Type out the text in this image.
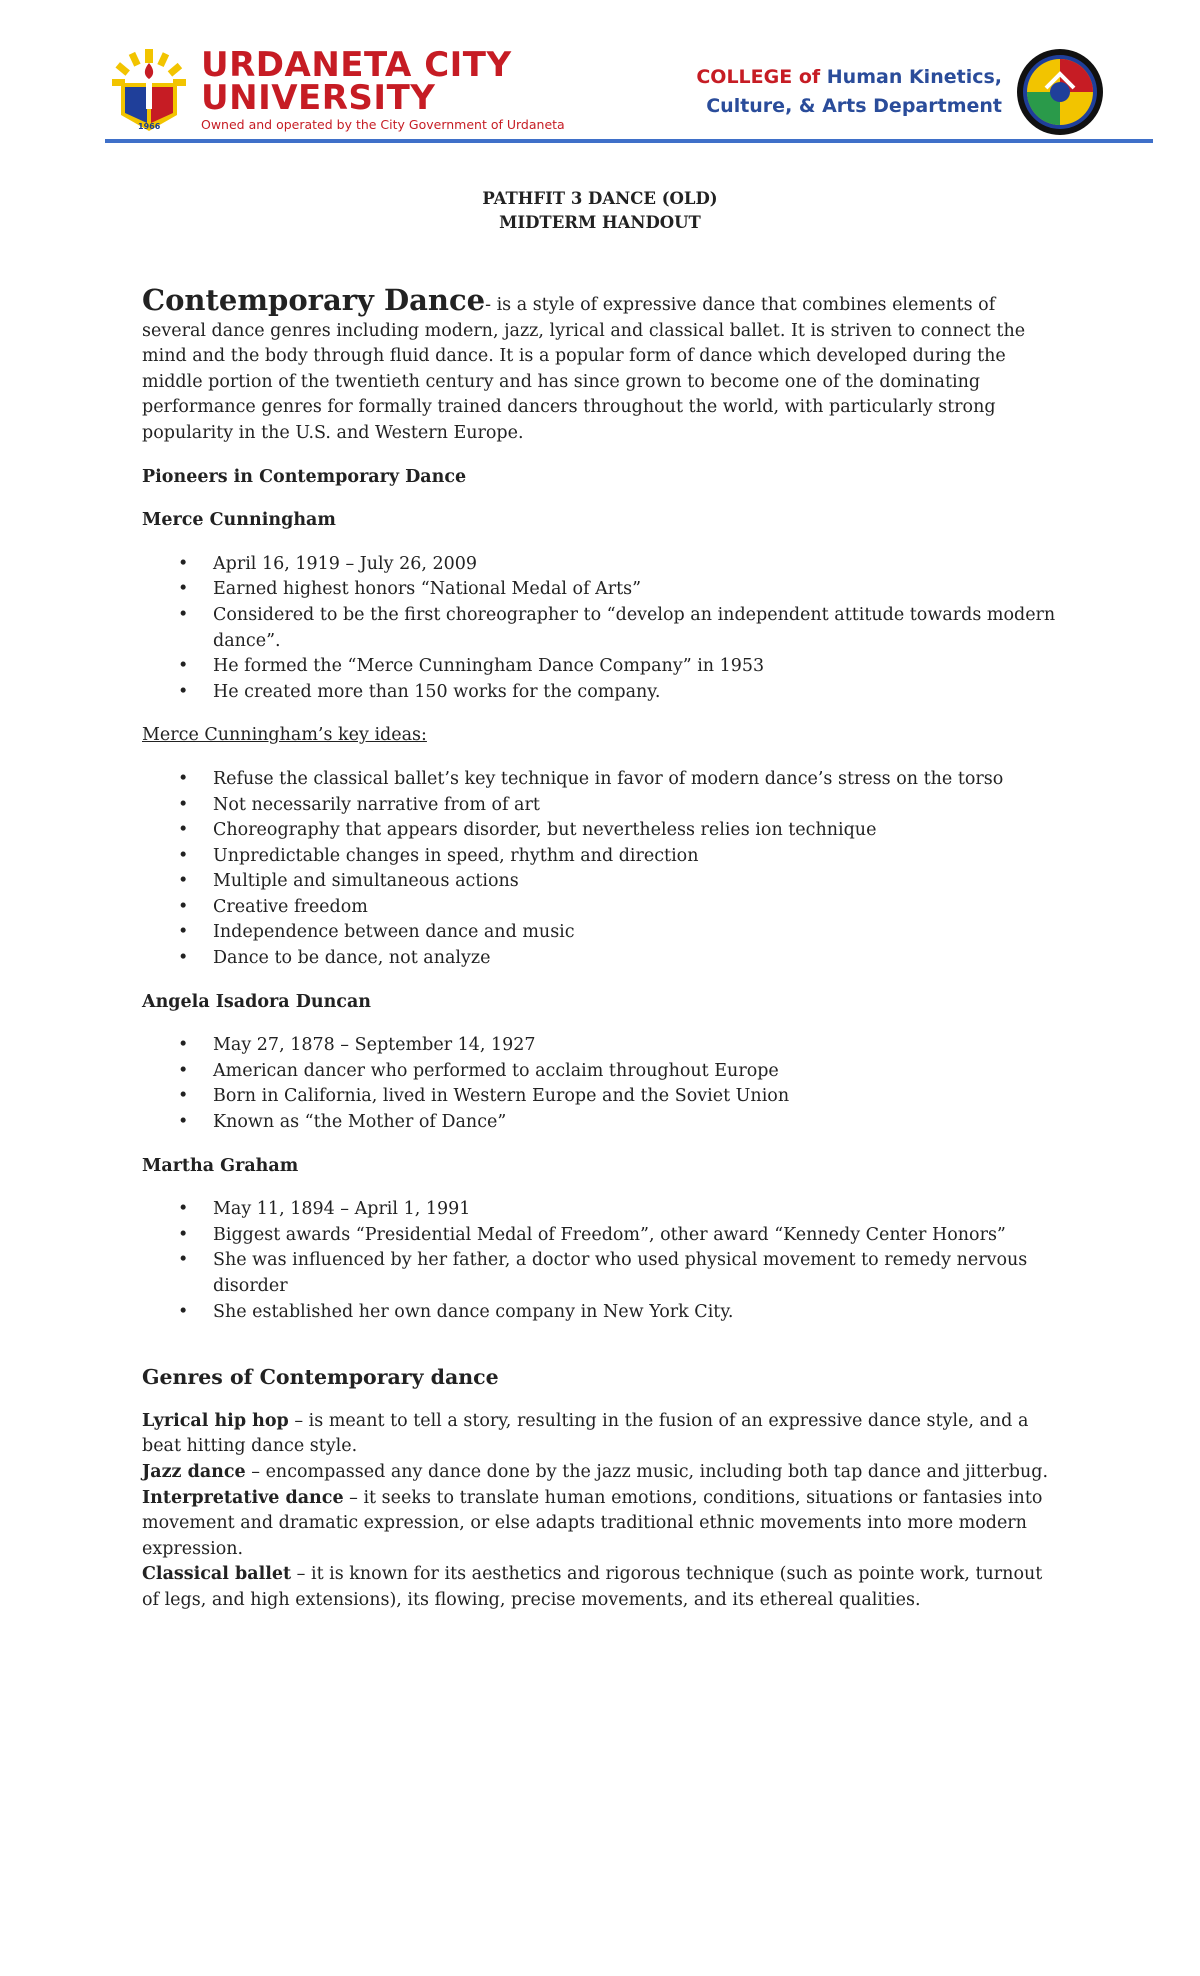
1966
URDANETA CITY
UNIVERSITY
Owned and operated by the City Government of Urdaneta
COLLEGE of Human Kinetics,
Culture, & Arts Department
PATHFIT 3 DANCE (OLD)
MIDTERM HANDOUT

Contemporary Dance- is a style of expressive dance that combines elements of several dance genres including modern, jazz, lyrical and classical ballet. It is striven to connect the mind and the body through fluid dance. It is a popular form of dance which developed during the middle portion of the twentieth century and has since grown to become one of the dominating performance genres for formally trained dancers throughout the world, with particularly strong popularity in the U.S. and Western Europe.

Pioneers in Contemporary Dance

Merce Cunningham

• April 16, 1919 – July 26, 2009
• Earned highest honors “National Medal of Arts”
• Considered to be the first choreographer to “develop an independent attitude towards modern dance”.
• He formed the “Merce Cunningham Dance Company” in 1953
• He created more than 150 works for the company.

Merce Cunningham’s key ideas:

• Refuse the classical ballet’s key technique in favor of modern dance’s stress on the torso
• Not necessarily narrative from of art
• Choreography that appears disorder, but nevertheless relies ion technique
• Unpredictable changes in speed, rhythm and direction
• Multiple and simultaneous actions
• Creative freedom
• Independence between dance and music
• Dance to be dance, not analyze

Angela Isadora Duncan

• May 27, 1878 – September 14, 1927
• American dancer who performed to acclaim throughout Europe
• Born in California, lived in Western Europe and the Soviet Union
• Known as “the Mother of Dance”

Martha Graham

• May 11, 1894 – April 1, 1991
• Biggest awards “Presidential Medal of Freedom”, other award “Kennedy Center Honors”
• She was influenced by her father, a doctor who used physical movement to remedy nervous disorder
• She established her own dance company in New York City.

Genres of Contemporary dance

Lyrical hip hop – is meant to tell a story, resulting in the fusion of an expressive dance style, and a beat hitting dance style.

Jazz dance – encompassed any dance done by the jazz music, including both tap dance and jitterbug.

Interpretative dance – it seeks to translate human emotions, conditions, situations or fantasies into movement and dramatic expression, or else adapts traditional ethnic movements into more modern expression.

Classical ballet – it is known for its aesthetics and rigorous technique (such as pointe work, turnout of legs, and high extensions), its flowing, precise movements, and its ethereal qualities.
